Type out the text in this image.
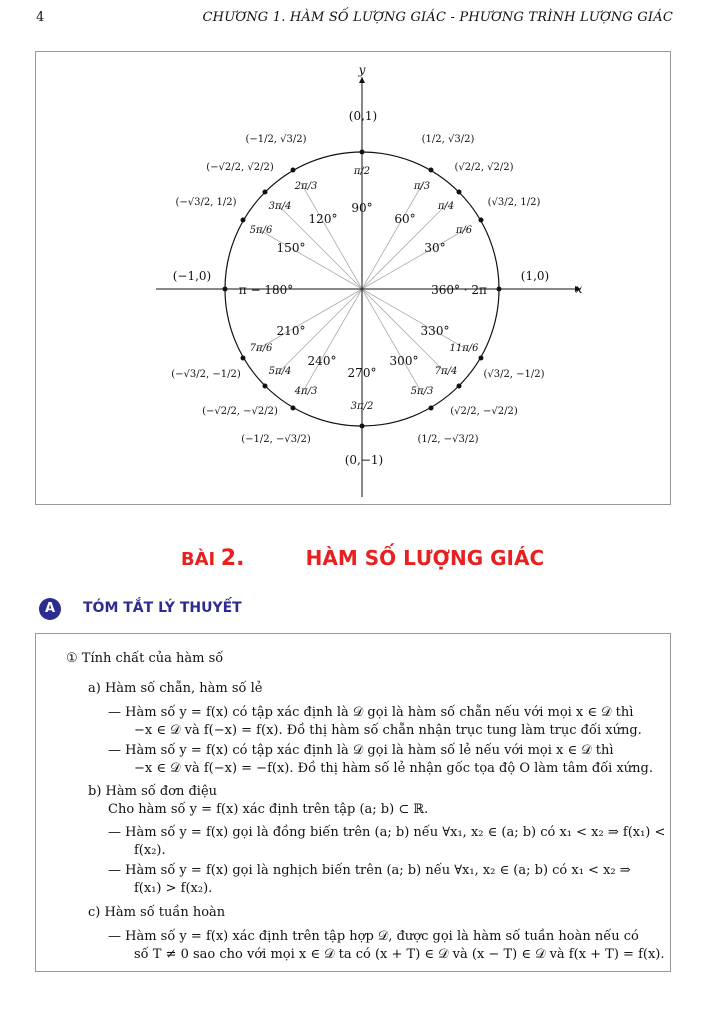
4	CHƯƠNG 1. HÀM SỐ LƯỢNG GIÁC - PHƯƠNG TRÌNH LƯỢNG GIÁC
x
y
(0,1)
(0,−1)
(−1,0)	(1,0)
30°
60°
90°
120°
150°
210°
240°
270°
300°
330°
π − 180°	360° · 2π
π/6
π/4
π/3
π/2
2π/3
3π/4
5π/6
7π/6
5π/4
4π/3
3π/2
5π/3
7π/4
11π/6
(√3/2, 1/2)
(√2/2, √2/2)
(1/2, √3/2)
(−1/2, √3/2)
(−√2/2, √2/2)
(−√3/2, 1/2)
(−√3/2, −1/2)
(−√2/2, −√2/2)
(−1/2, −√3/2)	(1/2, −√3/2)
(√2/2, −√2/2)
(√3/2, −1/2)
BÀI 2.	HÀM SỐ LƯỢNG GIÁC
A	TÓM TẮT LÝ THUYẾT
① Tính chất của hàm số
a) Hàm số chẵn, hàm số lẻ
— Hàm số y = f(x) có tập xác định là 𝒟 gọi là hàm số chẵn nếu với mọi x ∈ 𝒟 thì
−x ∈ 𝒟 và f(−x) = f(x). Đồ thị hàm số chẵn nhận trục tung làm trục đối xứng.
— Hàm số y = f(x) có tập xác định là 𝒟 gọi là hàm số lẻ nếu với mọi x ∈ 𝒟 thì
−x ∈ 𝒟 và f(−x) = −f(x). Đồ thị hàm số lẻ nhận gốc tọa độ O làm tâm đối xứng.
b) Hàm số đơn điệu
Cho hàm số y = f(x) xác định trên tập (a; b) ⊂ ℝ.
— Hàm số y = f(x) gọi là đồng biến trên (a; b) nếu ∀x₁, x₂ ∈ (a; b) có x₁ < x₂ ⇒ f(x₁) <
f(x₂).
— Hàm số y = f(x) gọi là nghịch biến trên (a; b) nếu ∀x₁, x₂ ∈ (a; b) có x₁ < x₂ ⇒
f(x₁) > f(x₂).
c) Hàm số tuần hoàn
— Hàm số y = f(x) xác định trên tập hợp 𝒟, được gọi là hàm số tuần hoàn nếu có
số T ≠ 0 sao cho với mọi x ∈ 𝒟 ta có (x + T) ∈ 𝒟 và (x − T) ∈ 𝒟 và f(x + T) = f(x).
